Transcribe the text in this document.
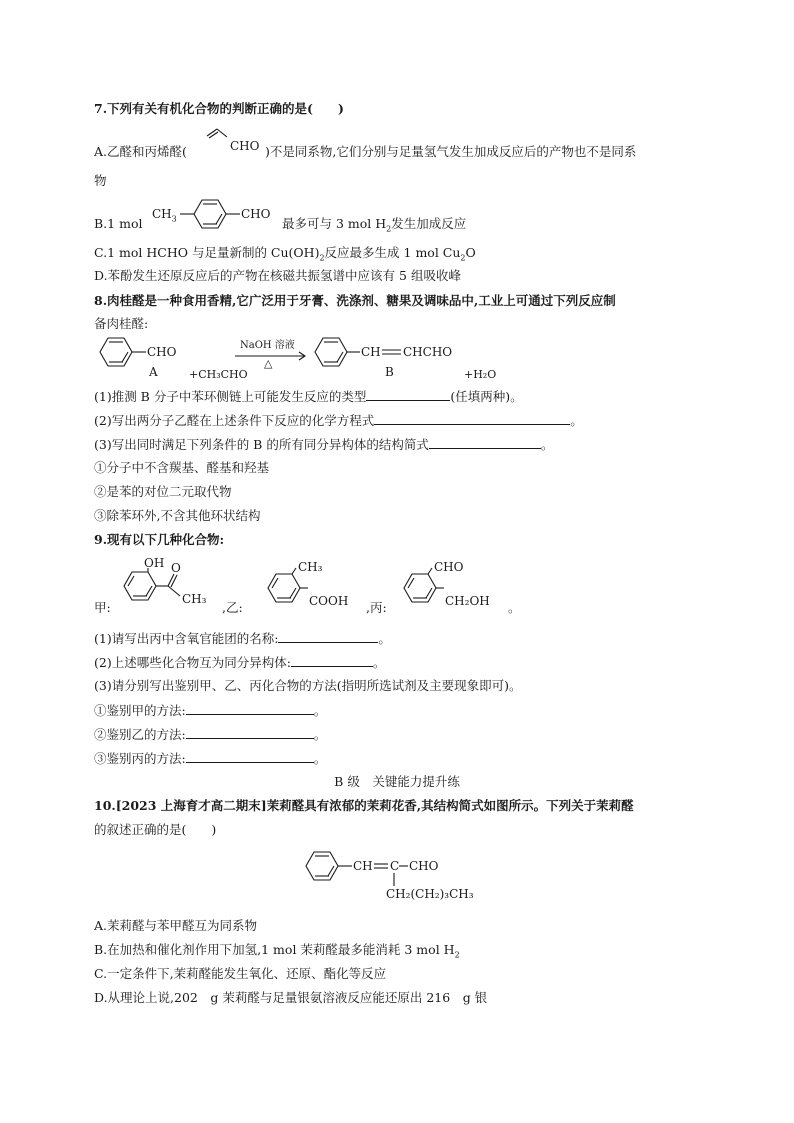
7.下列有关有机化合物的判断正确的是(　　)
A.乙醛和丙烯醛(	CHO )不是同系物,它们分别与足量氢气发生加成反应后的产物也不是同系
物
B.1 mol
$CH_3$	CHO
最多可与 3 mol $H_2$发生加成反应
C.1 mol HCHO 与足量新制的 $Cu(OH)_2$反应最多生成 1 mol $Cu_2O$
D.苯酚发生还原反应后的产物在核磁共振氢谱中应该有 5 组吸收峰
8.肉桂醛是一种食用香精,它广泛用于牙膏、洗涤剂、糖果及调味品中,工业上可通过下列反应制
备肉桂醛:
CHO
A	+CH₃CHO
NaOH 溶液
△
CH CHCHO
B	+H₂O
(1)推测 B 分子中苯环侧链上可能发生反应的类型	(任填两种)。
(2)写出两分子乙醛在上述条件下反应的化学方程式	。
(3)写出同时满足下列条件的 B 的所有同分异构体的结构简式	。
①分子中不含羰基、醛基和羟基
②是苯的对位二元取代物
③除苯环外,不含其他环状结构
9.现有以下几种化合物:
甲:
OH O
CH₃
,乙:
CH₃
COOH ,丙:
CHO
CH₂OH 。
(1)请写出丙中含氧官能团的名称:	。
(2)上述哪些化合物互为同分异构体:	。
(3)请分别写出鉴别甲、乙、丙化合物的方法(指明所选试剂及主要现象即可)。
①鉴别甲的方法:	。
②鉴别乙的方法:	。
③鉴别丙的方法:	。
B 级　关键能力提升练
10.[2023 上海育才高二期末]茉莉醛具有浓郁的茉莉花香,其结构简式如图所示。下列关于茉莉醛
的叙述正确的是(　　)
CH C CHO
CH₂(CH₂)₃CH₃
A.茉莉醛与苯甲醛互为同系物
B.在加热和催化剂作用下加氢,1 mol 茉莉醛最多能消耗 3 mol $H_2$
C.一定条件下,茉莉醛能发生氧化、还原、酯化等反应
D.从理论上说,202　g 茉莉醛与足量银氨溶液反应能还原出 216　g 银
